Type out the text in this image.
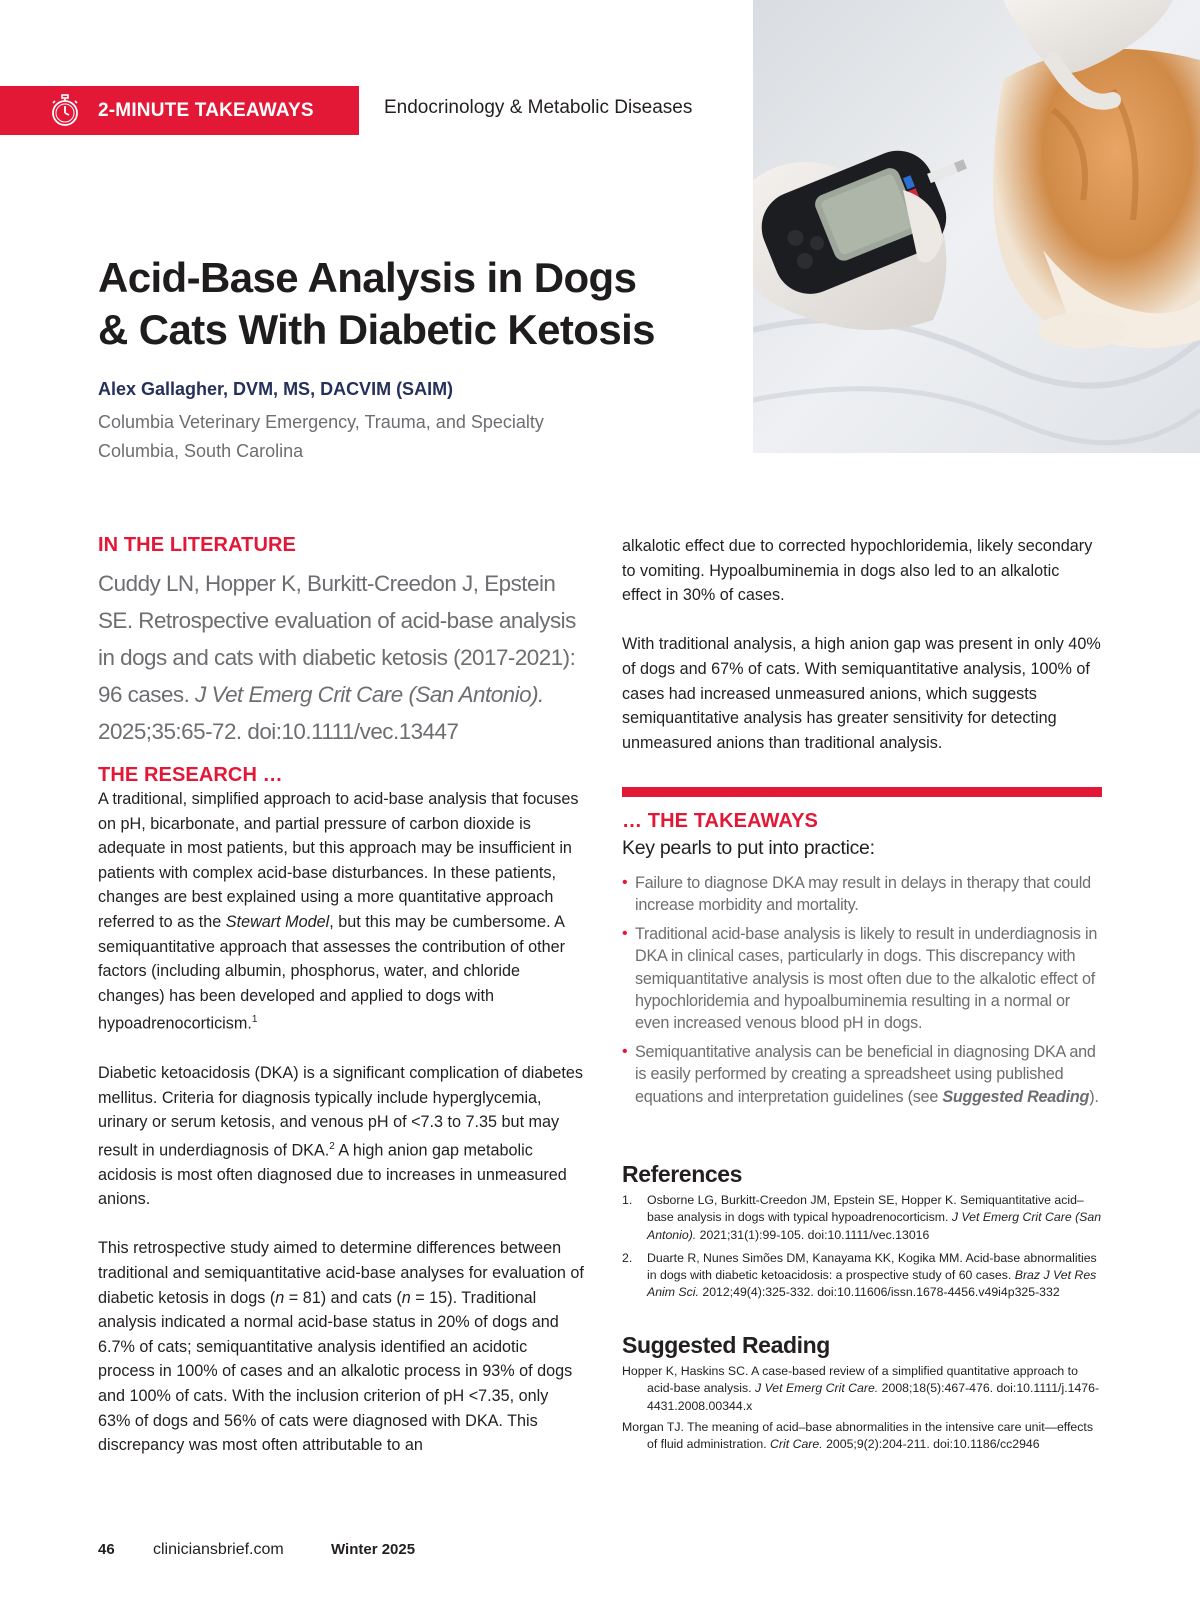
2-MINUTE TAKEAWAYS	Endocrinology & Metabolic Diseases
Acid-Base Analysis in Dogs
& Cats With Diabetic Ketosis
Alex Gallagher, DVM, MS, DACVIM (SAIM)
Columbia Veterinary Emergency, Trauma, and Specialty
Columbia, South Carolina
IN THE LITERATURE
Cuddy LN, Hopper K, Burkitt-Creedon J, Epstein SE. Retrospective evaluation of acid-base analysis in dogs and cats with diabetic ketosis (2017-2021): 96 cases. J Vet Emerg Crit Care (San Antonio). 2025;35:65-72. doi:10.1111/vec.13447
THE RESEARCH …

A traditional, simplified approach to acid-base analysis that focuses on pH, bicarbonate, and partial pressure of carbon dioxide is adequate in most patients, but this approach may be insufficient in patients with complex acid-base disturbances. In these patients, changes are best explained using a more quantitative approach referred to as the Stewart Model, but this may be cumbersome. A semiquantitative approach that assesses the contribution of other factors (including albumin, phosphorus, water, and chloride changes) has been developed and applied to dogs with hypoadrenocorticism.$^1$

Diabetic ketoacidosis (DKA) is a significant complication of diabetes mellitus. Criteria for diagnosis typically include hyperglycemia, urinary or serum ketosis, and venous pH of <7.3 to 7.35 but may result in underdiagnosis of DKA.$^2$ A high anion gap metabolic acidosis is most often diagnosed due to increases in unmeasured anions.

This retrospective study aimed to determine differences between traditional and semiquantitative acid-base analyses for evaluation of diabetic ketosis in dogs (n = 81) and cats (n = 15). Traditional analysis indicated a normal acid-base status in 20% of dogs and 6.7% of cats; semiquantitative analysis identified an acidotic process in 100% of cases and an alkalotic process in 93% of dogs and 100% of cats. With the inclusion criterion of pH <7.35, only 63% of dogs and 56% of cats were diagnosed with DKA. This discrepancy was most often attributable to an

alkalotic effect due to corrected hypochloridemia, likely secondary to vomiting. Hypoalbuminemia in dogs also led to an alkalotic effect in 30% of cases.

With traditional analysis, a high anion gap was present in only 40% of dogs and 67% of cats. With semiquantitative analysis, 100% of cases had increased unmeasured anions, which suggests semiquantitative analysis has greater sensitivity for detecting unmeasured anions than traditional analysis.

… THE TAKEAWAYS
Key pearls to put into practice:
• Failure to diagnose DKA may result in delays in therapy that could increase morbidity and mortality.
• Traditional acid-base analysis is likely to result in underdiagnosis in DKA in clinical cases, particularly in dogs. This discrepancy with semiquantitative analysis is most often due to the alkalotic effect of hypochloridemia and hypoalbuminemia resulting in a normal or even increased venous blood pH in dogs.
• Semiquantitative analysis can be beneficial in diagnosing DKA and is easily performed by creating a spreadsheet using published equations and interpretation guidelines (see Suggested Reading).
References
1. Osborne LG, Burkitt-Creedon JM, Epstein SE, Hopper K. Semiquantitative acid–base analysis in dogs with typical hypoadrenocorticism. J Vet Emerg Crit Care (San Antonio). 2021;31(1):99-105. doi:10.1111/vec.13016
2. Duarte R, Nunes Simões DM, Kanayama KK, Kogika MM. Acid-base abnormalities in dogs with diabetic ketoacidosis: a prospective study of 60 cases. Braz J Vet Res Anim Sci. 2012;49(4):325-332. doi:10.11606/issn.1678-4456.v49i4p325-332
Suggested Reading
Hopper K, Haskins SC. A case-based review of a simplified quantitative approach to acid-base analysis. J Vet Emerg Crit Care. 2008;18(5):467-476. doi:10.1111/j.1476-4431.2008.00344.x
Morgan TJ. The meaning of acid–base abnormalities in the intensive care unit—effects of fluid administration. Crit Care. 2005;9(2):204-211. doi:10.1186/cc2946
46	cliniciansbrief.com	Winter 2025
